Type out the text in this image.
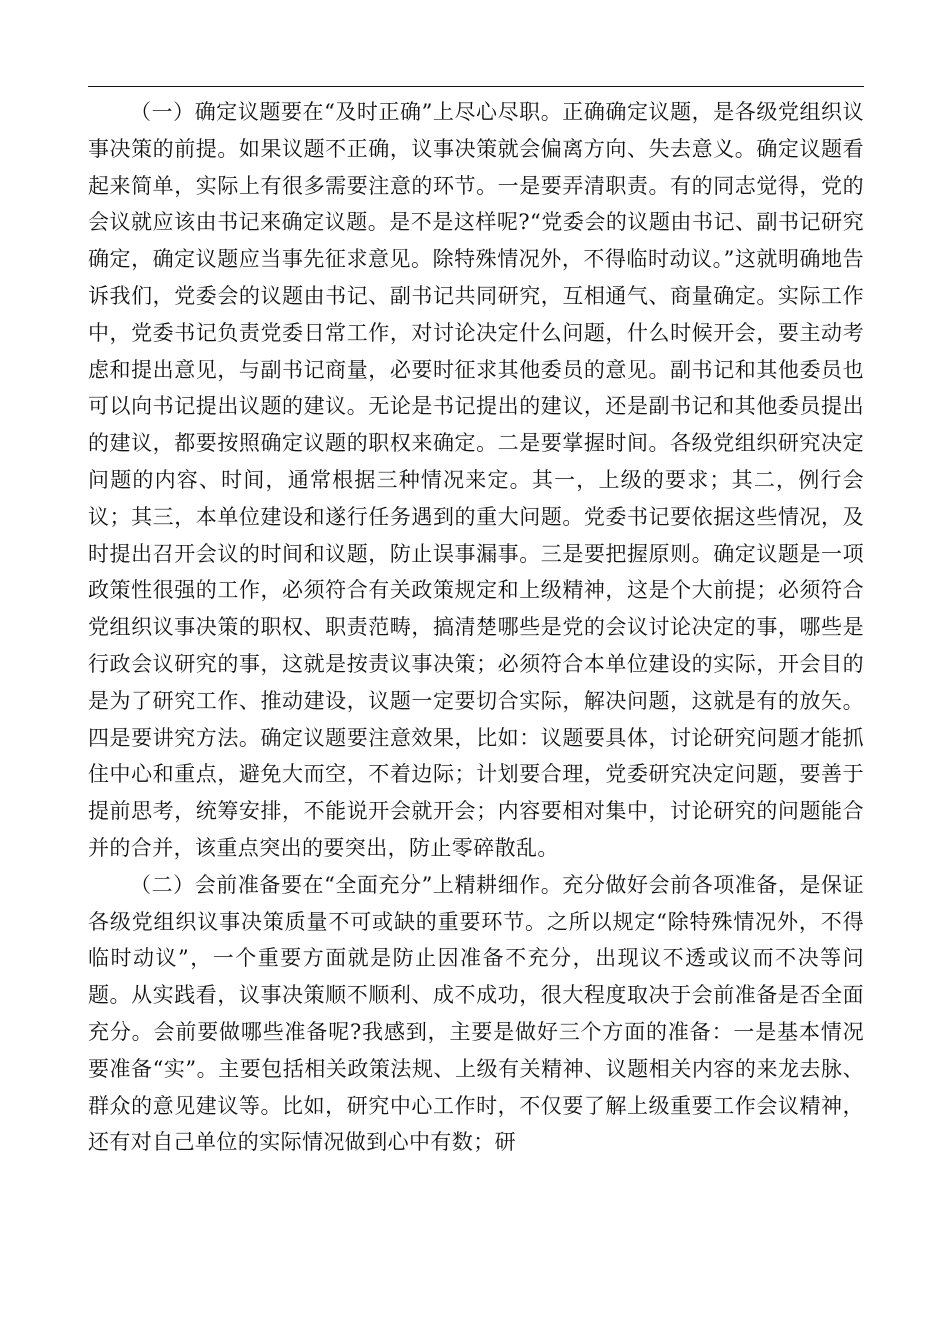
（一）确定议题要在“及时正确”上尽心尽职。正确确定议题，是各级党组织议事决策的前提。如果议题不正确，议事决策就会偏离方向、失去意义。确定议题看起来简单，实际上有很多需要注意的环节。一是要弄清职责。有的同志觉得，党的会议就应该由书记来确定议题。是不是这样呢?“党委会的议题由书记、副书记研究确定，确定议题应当事先征求意见。除特殊情况外，不得临时动议。”这就明确地告诉我们，党委会的议题由书记、副书记共同研究，互相通气、商量确定。实际工作中，党委书记负责党委日常工作，对讨论决定什么问题，什么时候开会，要主动考虑和提出意见，与副书记商量，必要时征求其他委员的意见。副书记和其他委员也可以向书记提出议题的建议。无论是书记提出的建议，还是副书记和其他委员提出的建议，都要按照确定议题的职权来确定。二是要掌握时间。各级党组织研究决定问题的内容、时间，通常根据三种情况来定。其一，上级的要求；其二，例行会议；其三，本单位建设和遂行任务遇到的重大问题。党委书记要依据这些情况，及时提出召开会议的时间和议题，防止误事漏事。三是要把握原则。确定议题是一项政策性很强的工作，必须符合有关政策规定和上级精神，这是个大前提；必须符合党组织议事决策的职权、职责范畴，搞清楚哪些是党的会议讨论决定的事，哪些是行政会议研究的事，这就是按责议事决策；必须符合本单位建设的实际，开会目的是为了研究工作、推动建设，议题一定要切合实际，解决问题，这就是有的放矢。四是要讲究方法。确定议题要注意效果，比如：议题要具体，讨论研究问题才能抓住中心和重点，避免大而空，不着边际；计划要合理，党委研究决定问题，要善于提前思考，统筹安排，不能说开会就开会；内容要相对集中，讨论研究的问题能合并的合并，该重点突出的要突出，防止零碎散乱。

（二）会前准备要在“全面充分”上精耕细作。充分做好会前各项准备，是保证各级党组织议事决策质量不可或缺的重要环节。之所以规定“除特殊情况外，不得临时动议”，一个重要方面就是防止因准备不充分，出现议不透或议而不决等问题。从实践看，议事决策顺不顺利、成不成功，很大程度取决于会前准备是否全面充分。会前要做哪些准备呢?我感到，主要是做好三个方面的准备：一是基本情况要准备“实”。主要包括相关政策法规、上级有关精神、议题相关内容的来龙去脉、群众的意见建议等。比如，研究中心工作时，不仅要了解上级重要工作会议精神，还有对自己单位的实际情况做到心中有数；研
